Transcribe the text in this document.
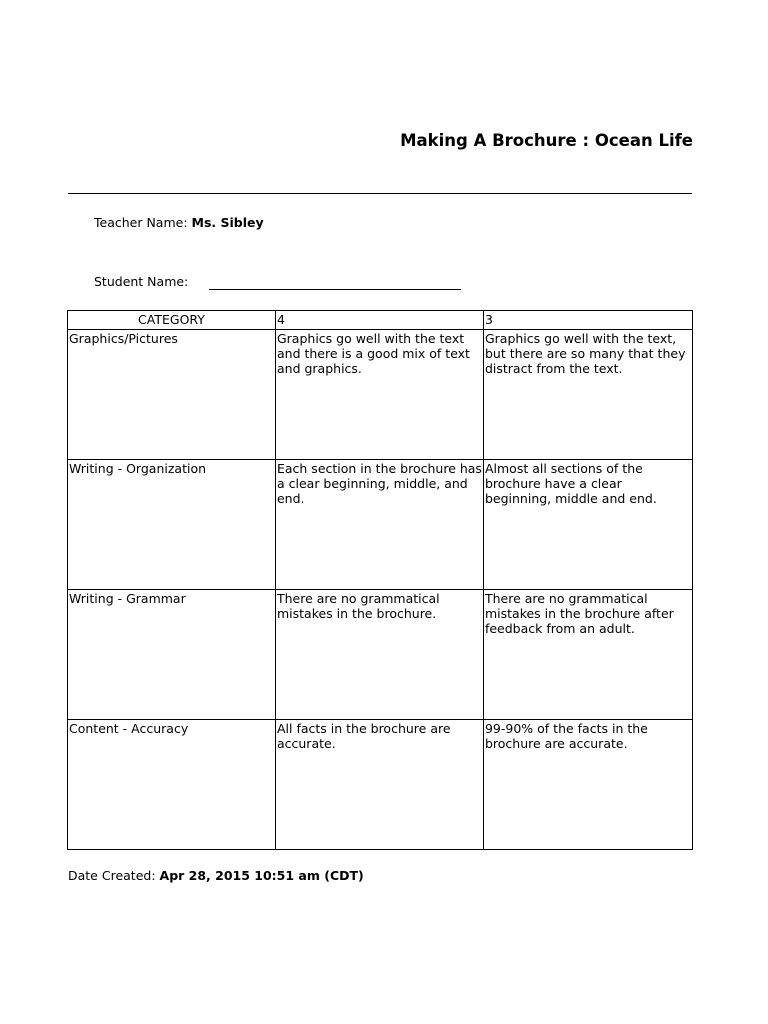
Making A Brochure : Ocean Life
Teacher Name: Ms. Sibley
Student Name:
CATEGORY	4	3
Graphics/Pictures	Graphics go well with the text and there is a good mix of text and graphics.	Graphics go well with the text, but there are so many that they distract from the text.
Writing - Organization	Each section in the brochure has a clear beginning, middle, and end.	Almost all sections of the brochure have a clear beginning, middle and end.
Writing - Grammar	There are no grammatical mistakes in the brochure.	There are no grammatical mistakes in the brochure after feedback from an adult.
Content - Accuracy	All facts in the brochure are accurate.	99-90% of the facts in the brochure are accurate.
Date Created: Apr 28, 2015 10:51 am (CDT)
